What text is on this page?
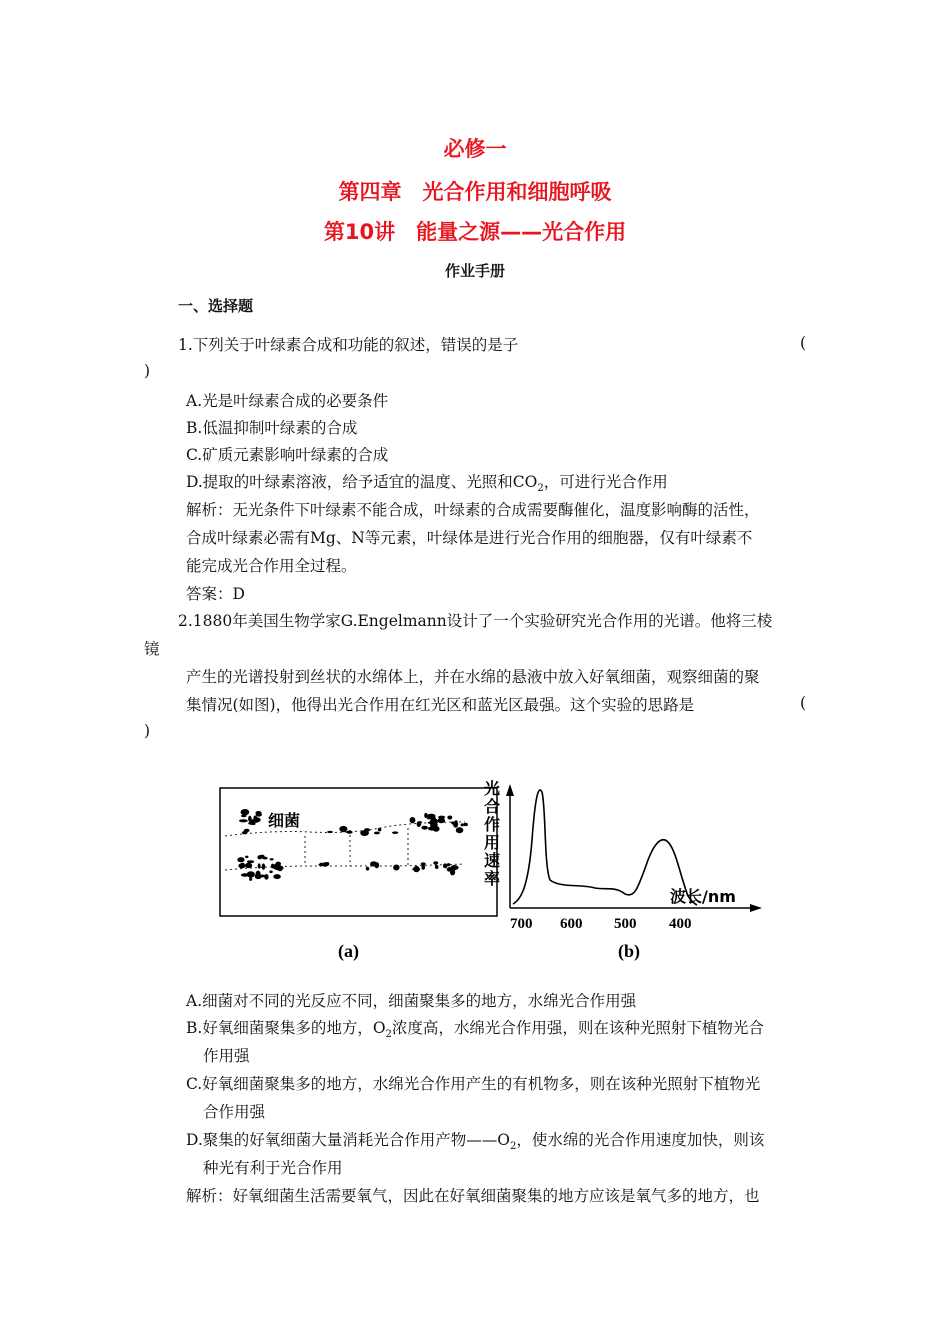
必修一
第四章　光合作用和细胞呼吸
第10讲　能量之源——光合作用
作业手册
一、选择题
1.下列关于叶绿素合成和功能的叙述，错误的是子	(
)
A.光是叶绿素合成的必要条件
B.低温抑制叶绿素的合成
C.矿质元素影响叶绿素的合成
D.提取的叶绿素溶液，给予适宜的温度、光照和$CO_2$，可进行光合作用
解析：无光条件下叶绿素不能合成，叶绿素的合成需要酶催化，温度影响酶的活性，
合成叶绿素必需有Mg、N等元素，叶绿体是进行光合作用的细胞器，仅有叶绿素不
能完成光合作用全过程。
答案：D
2.1880年美国生物学家G.Engelmann设计了一个实验研究光合作用的光谱。他将三棱
镜
产生的光谱投射到丝状的水绵体上，并在水绵的悬液中放入好氧细菌，观察细菌的聚
集情况(如图)，他得出光合作用在红光区和蓝光区最强。这个实验的思路是	(
)
细菌
(a)
光
合
作
用
速
率
波长/nm
700 600 500 400
(b)
A.细菌对不同的光反应不同，细菌聚集多的地方，水绵光合作用强
B.好氧细菌聚集多的地方，$O_2$浓度高，水绵光合作用强，则在该种光照射下植物光合
作用强
C.好氧细菌聚集多的地方，水绵光合作用产生的有机物多，则在该种光照射下植物光
合作用强
D.聚集的好氧细菌大量消耗光合作用产物$——O_2$，使水绵的光合作用速度加快，则该
种光有利于光合作用
解析：好氧细菌生活需要氧气，因此在好氧细菌聚集的地方应该是氧气多的地方，也
